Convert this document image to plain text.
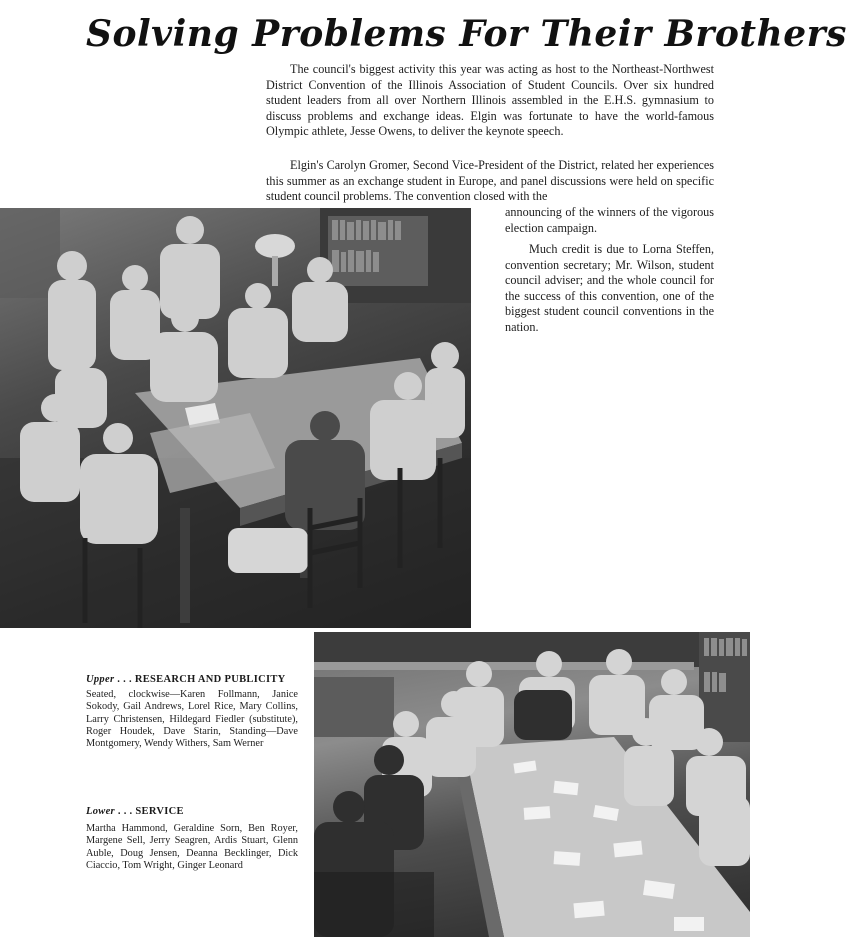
Solving Problems For Their Brothers

The council's biggest activity this year was acting as host to the Northeast-Northwest District Convention of the Illinois Association of Student Councils. Over six hundred student leaders from all over Northern Illinois assembled in the E.H.S. gymnasium to discuss problems and exchange ideas. Elgin was fortunate to have the world-famous Olympic athlete, Jesse Owens, to deliver the keynote speech.

Elgin's Carolyn Gromer, Second Vice-President of the District, related her experiences this summer as an exchange student in Europe, and panel discussions were held on specific student council problems. The convention closed with the

announcing of the winners of the vigorous election campaign.

Much credit is due to Lorna Steffen, convention secretary; Mr. Wilson, student council adviser; and the whole council for the success of this convention, one of the biggest student council conventions in the nation.

Upper . . . RESEARCH AND PUBLICITY

Seated, clockwise—Karen Follmann, Janice Sokody, Gail Andrews, Lorel Rice, Mary Collins, Larry Christensen, Hildegard Fiedler (substitute), Roger Houdek, Dave Starin, Standing—Dave Montgomery, Wendy Withers, Sam Werner

Lower . . . SERVICE

Martha Hammond, Geraldine Sorn, Ben Royer, Margene Sell, Jerry Seagren, Ardis Stuart, Glenn Auble, Doug Jensen, Deanna Becklinger, Dick Ciaccio, Tom Wright, Ginger Leonard
